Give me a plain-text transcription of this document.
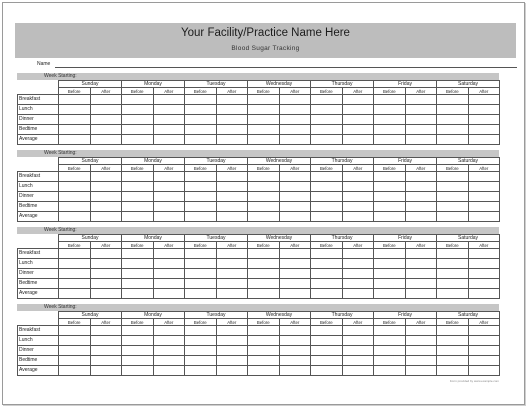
Your Facility/Practice Name Here
Blood Sugar Tracking
Name
Week Starting:
	Sunday		Monday		Tuesday		Wednesday		Thursday		Friday		Saturday	
	Before	After	Before	After	Before	After	Before	After	Before	After	Before	After	Before	After
Breakfast														
Lunch														
Dinner														
Bedtime														
Average														
Week Starting:
	Sunday		Monday		Tuesday		Wednesday		Thursday		Friday		Saturday	
	Before	After	Before	After	Before	After	Before	After	Before	After	Before	After	Before	After
Breakfast														
Lunch														
Dinner														
Bedtime														
Average														
Week Starting:
	Sunday		Monday		Tuesday		Wednesday		Thursday		Friday		Saturday	
	Before	After	Before	After	Before	After	Before	After	Before	After	Before	After	Before	After
Breakfast														
Lunch														
Dinner														
Bedtime														
Average														
Week Starting:
	Sunday		Monday		Tuesday		Wednesday		Thursday		Friday		Saturday	
	Before	After	Before	After	Before	After	Before	After	Before	After	Before	After	Before	After
Breakfast														
Lunch														
Dinner														
Bedtime														
Average														
Form provided by www.example.com
